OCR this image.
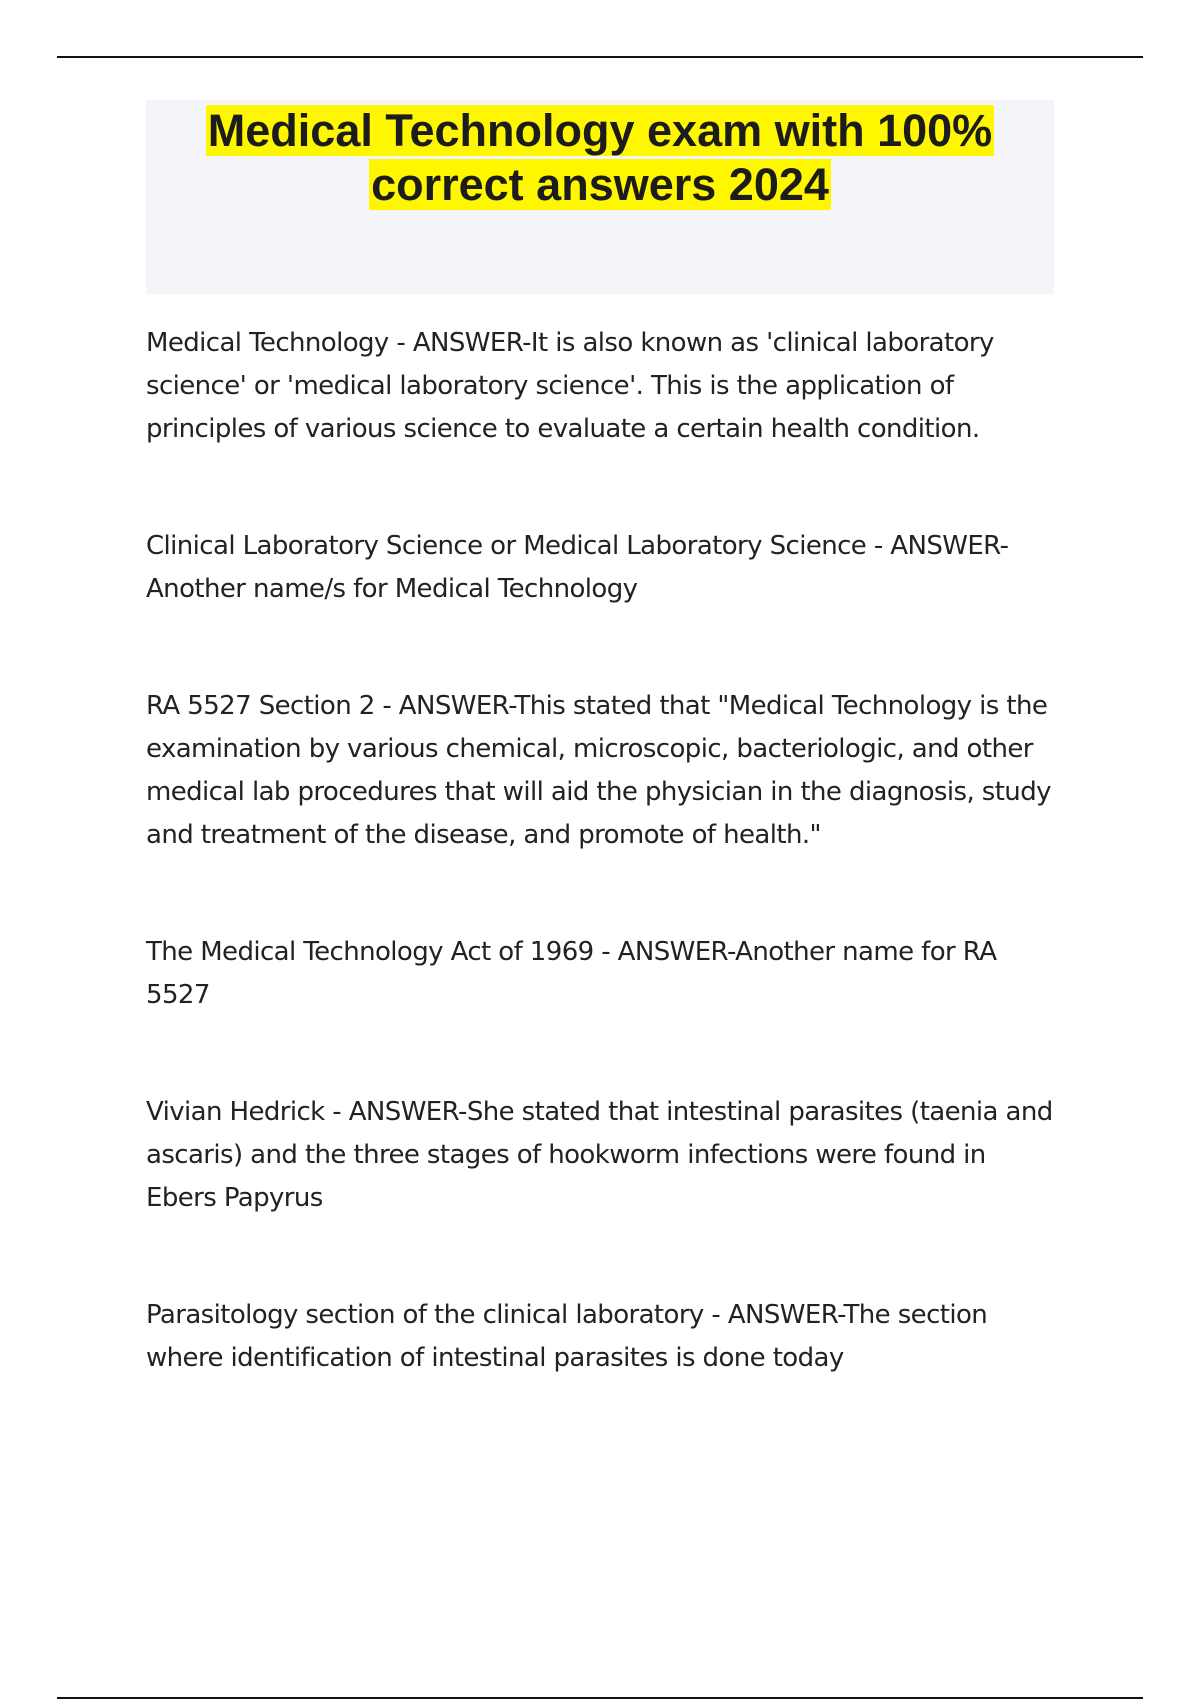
Medical Technology exam with 100% correct answers 2024

Medical Technology - ANSWER-It is also known as 'clinical laboratory science' or 'medical laboratory science'. This is the application of principles of various science to evaluate a certain health condition.

Clinical Laboratory Science or Medical Laboratory Science - ANSWER-Another name/s for Medical Technology

RA 5527 Section 2 - ANSWER-This stated that "Medical Technology is the examination by various chemical, microscopic, bacteriologic, and other medical lab procedures that will aid the physician in the diagnosis, study and treatment of the disease, and promote of health."

The Medical Technology Act of 1969 - ANSWER-Another name for RA 5527

Vivian Hedrick - ANSWER-She stated that intestinal parasites (taenia and ascaris) and the three stages of hookworm infections were found in Ebers Papyrus

Parasitology section of the clinical laboratory - ANSWER-The section where identification of intestinal parasites is done today
